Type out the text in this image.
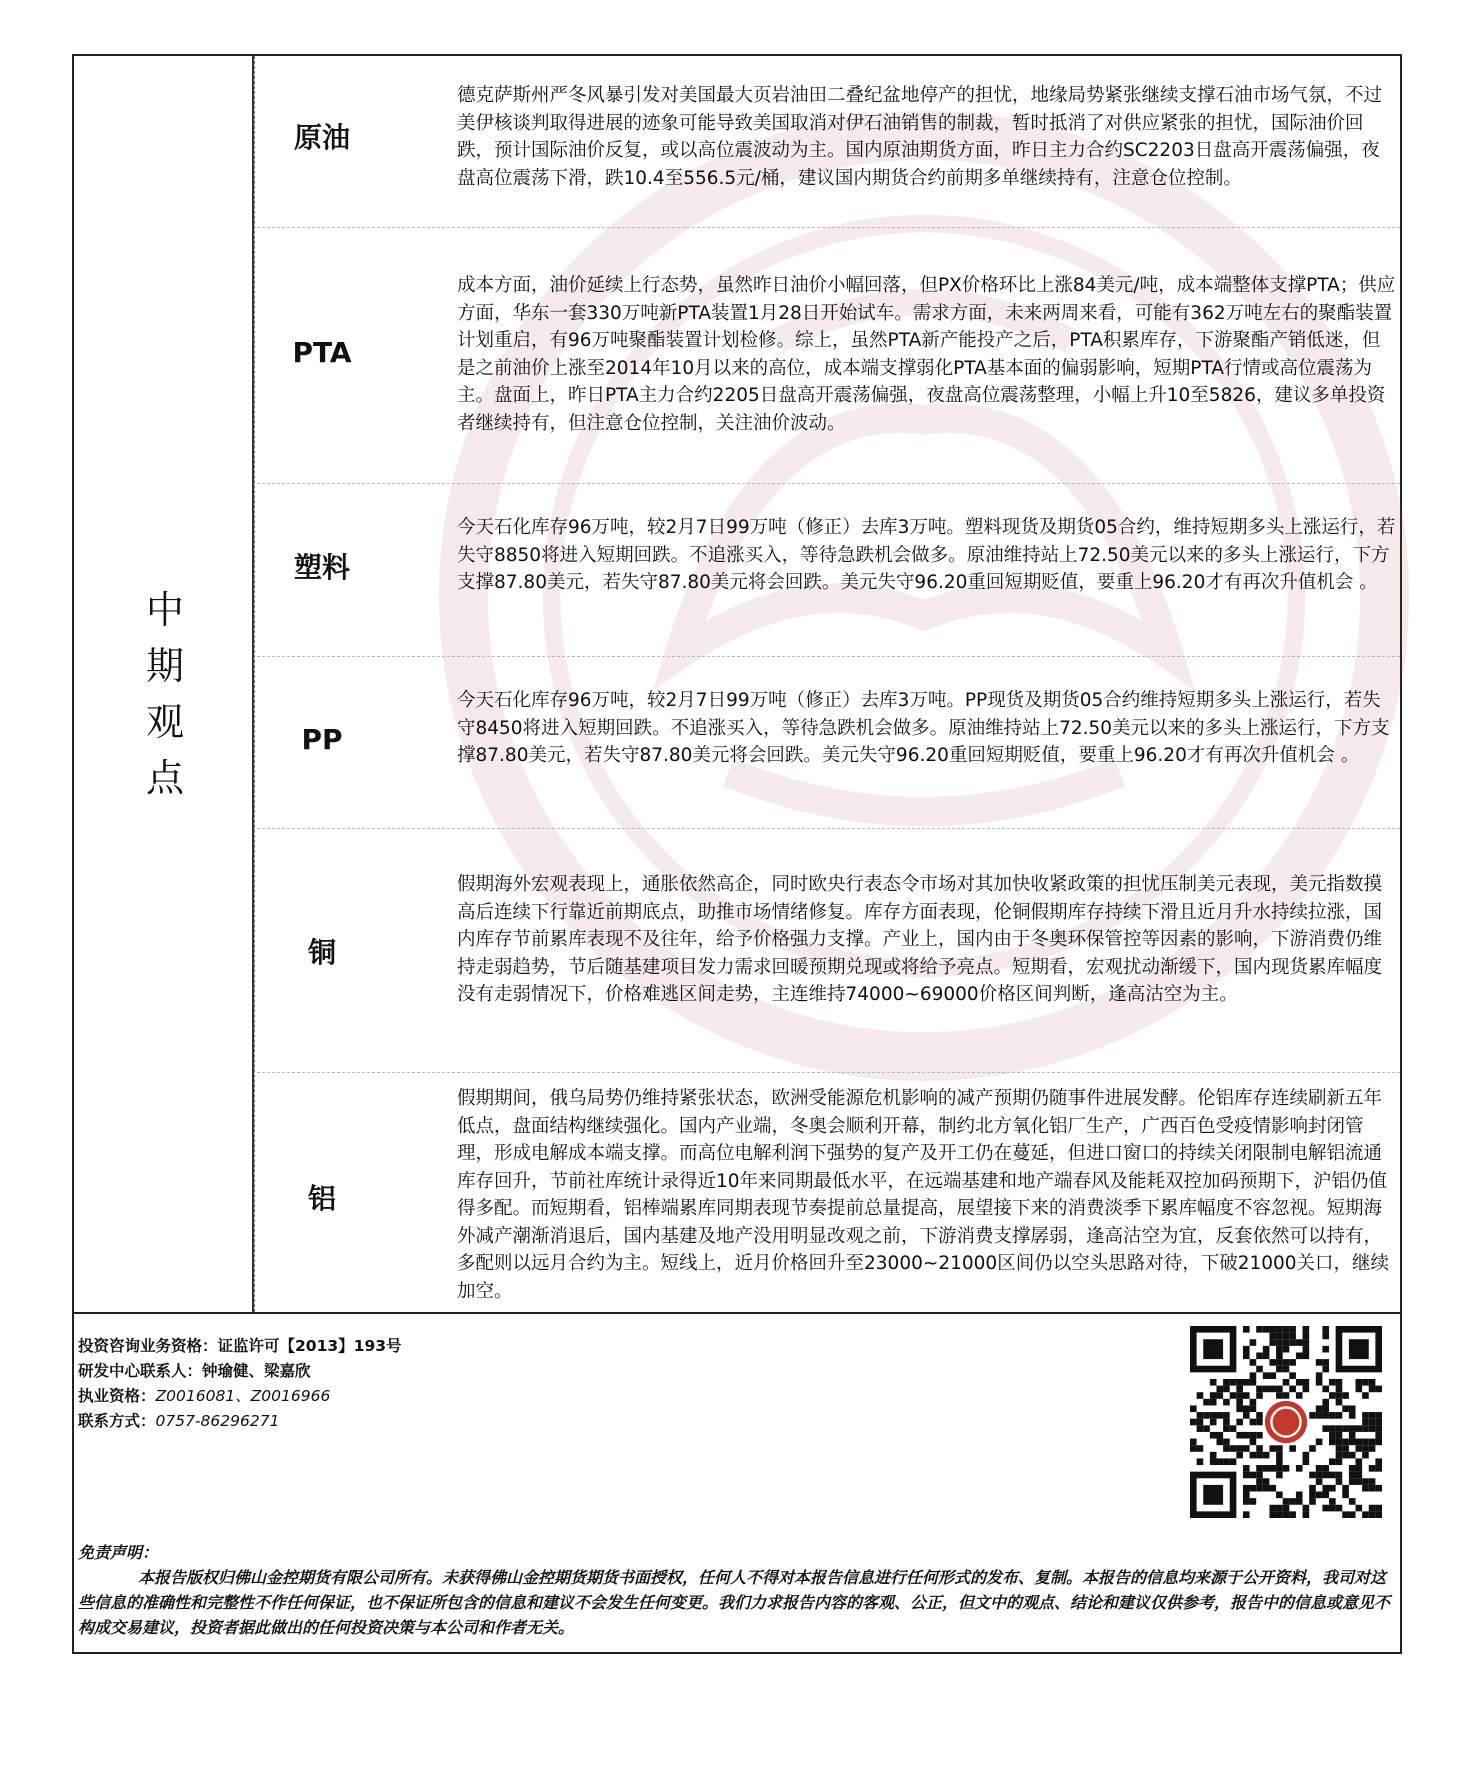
中期观点
原油
德克萨斯州严冬风暴引发对美国最大页岩油田二叠纪盆地停产的担忧，地缘局势紧张继续支撑石油市场气氛，不过美伊核谈判取得进展的迹象可能导致美国取消对伊石油销售的制裁，暂时抵消了对供应紧张的担忧，国际油价回跌，预计国际油价反复，或以高位震波动为主。国内原油期货方面，昨日主力合约SC2203日盘高开震荡偏强，夜盘高位震荡下滑，跌10.4至556.5元/桶，建议国内期货合约前期多单继续持有，注意仓位控制。
PTA
成本方面，油价延续上行态势，虽然昨日油价小幅回落，但PX价格环比上涨84美元/吨，成本端整体支撑PTA；供应方面，华东一套330万吨新PTA装置1月28日开始试车。需求方面，未来两周来看，可能有362万吨左右的聚酯装置计划重启，有96万吨聚酯装置计划检修。综上，虽然PTA新产能投产之后，PTA积累库存，下游聚酯产销低迷，但是之前油价上涨至2014年10月以来的高位，成本端支撑弱化PTA基本面的偏弱影响，短期PTA行情或高位震荡为主。盘面上，昨日PTA主力合约2205日盘高开震荡偏强，夜盘高位震荡整理，小幅上升10至5826，建议多单投资者继续持有，但注意仓位控制，关注油价波动。
塑料
今天石化库存96万吨，较2月7日99万吨（修正）去库3万吨。塑料现货及期货05合约，维持短期多头上涨运行，若失守8850将进入短期回跌。不追涨买入，等待急跌机会做多。原油维持站上72.50美元以来的多头上涨运行，下方支撑87.80美元，若失守87.80美元将会回跌。美元失守96.20重回短期贬值，要重上96.20才有再次升值机会 。
PP
今天石化库存96万吨，较2月7日99万吨（修正）去库3万吨。PP现货及期货05合约维持短期多头上涨运行，若失守8450将进入短期回跌。不追涨买入，等待急跌机会做多。原油维持站上72.50美元以来的多头上涨运行，下方支撑87.80美元，若失守87.80美元将会回跌。美元失守96.20重回短期贬值，要重上96.20才有再次升值机会 。
铜
假期海外宏观表现上，通胀依然高企，同时欧央行表态令市场对其加快收紧政策的担忧压制美元表现，美元指数摸高后连续下行靠近前期底点，助推市场情绪修复。库存方面表现，伦铜假期库存持续下滑且近月升水持续拉涨，国内库存节前累库表现不及往年，给予价格强力支撑。产业上，国内由于冬奥环保管控等因素的影响，下游消费仍维持走弱趋势，节后随基建项目发力需求回暖预期兑现或将给予亮点。短期看，宏观扰动渐缓下，国内现货累库幅度没有走弱情况下，价格难逃区间走势，主连维持74000~69000价格区间判断，逢高沽空为主。
铝
假期期间，俄乌局势仍维持紧张状态，欧洲受能源危机影响的减产预期仍随事件进展发酵。伦铝库存连续刷新五年低点，盘面结构继续强化。国内产业端，冬奥会顺利开幕，制约北方氧化铝厂生产，广西百色受疫情影响封闭管理，形成电解成本端支撑。而高位电解利润下强势的复产及开工仍在蔓延，但进口窗口的持续关闭限制电解铝流通库存回升，节前社库统计录得近10年来同期最低水平，在远端基建和地产端春风及能耗双控加码预期下，沪铝仍值得多配。而短期看，铝棒端累库同期表现节奏提前总量提高，展望接下来的消费淡季下累库幅度不容忽视。短期海外减产潮渐消退后，国内基建及地产没用明显改观之前，下游消费支撑孱弱，逢高沽空为宜，反套依然可以持有，多配则以远月合约为主。短线上，近月价格回升至23000~21000区间仍以空头思路对待，下破21000关口，继续加空。
投资咨询业务资格：证监许可【2013】193号
研发中心联系人：钟瑜健、梁嘉欣
执业资格：Z0016081、Z0016966
联系方式：0757-86296271
免责声明：
本报告版权归佛山金控期货有限公司所有。未获得佛山金控期货期货书面授权，任何人不得对本报告信息进行任何形式的发布、复制。本报告的信息均来源于公开资料，我司对这些信息的准确性和完整性不作任何保证，也不保证所包含的信息和建议不会发生任何变更。我们力求报告内容的客观、公正，但文中的观点、结论和建议仅供参考，报告中的信息或意见不构成交易建议，投资者据此做出的任何投资决策与本公司和作者无关。
